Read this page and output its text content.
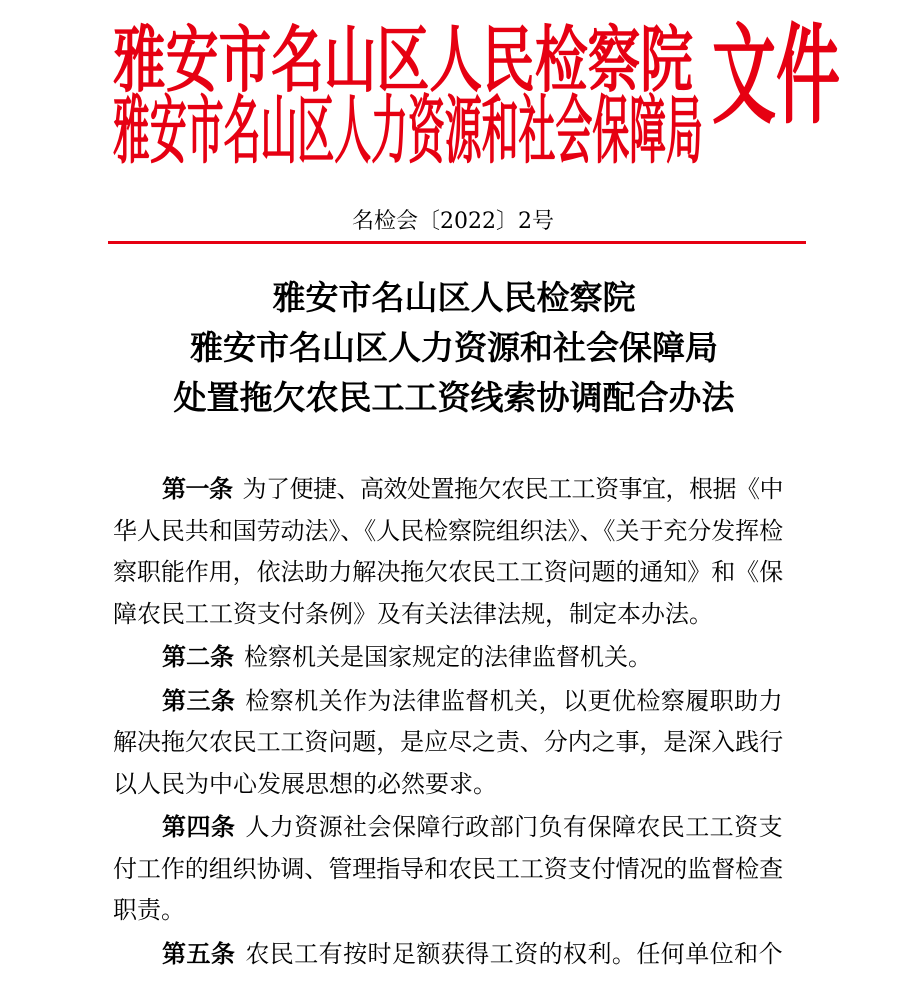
雅安市名山区人民检察院
雅安市名山区人力资源和社会保障局 文件
名检会〔2022〕2号
雅安市名山区人民检察院
雅安市名山区人力资源和社会保障局
处置拖欠农民工工资线索协调配合办法
第一条 为了便捷、高效处置拖欠农民工工资事宜，根据《中
华人民共和国劳动法》、《人民检察院组织法》、《关于充分发挥检
察职能作用，依法助力解决拖欠农民工工资问题的通知》和《保
障农民工工资支付条例》及有关法律法规，制定本办法。
第二条 检察机关是国家规定的法律监督机关。
第三条 检察机关作为法律监督机关，以更优检察履职助力
解决拖欠农民工工资问题，是应尽之责、分内之事，是深入践行
以人民为中心发展思想的必然要求。
第四条 人力资源社会保障行政部门负有保障农民工工资支
付工作的组织协调、管理指导和农民工工资支付情况的监督检查
职责。
第五条 农民工有按时足额获得工资的权利。任何单位和个
